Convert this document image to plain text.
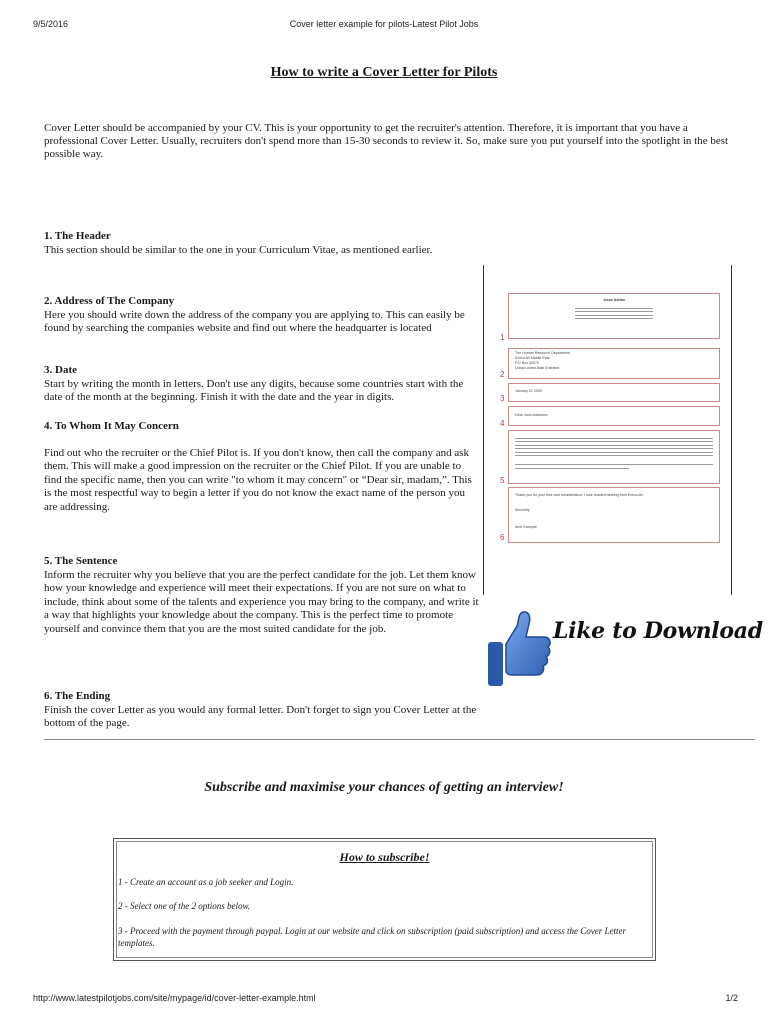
9/5/2016	Cover letter example for pilots-Latest Pilot Jobs
How to write a Cover Letter for Pilots
Cover Letter should be accompanied by your CV. This is your opportunity to get the recruiter's attention. Therefore, it is important that you have a professional Cover Letter. Usually, recruiters don't spend more than 15-30 seconds to review it. So, make sure you put yourself into the spotlight in the best possible way.
1. The Header

This section should be similar to the one in your Curriculum Vitae, as mentioned earlier.

2. Address of The Company

Here you should write down the address of the company you are applying to. This can easily be found by searching the companies website and find out where the headquarter is located

3. Date

Start by writing the month in letters. Don't use any digits, because some countries start with the date of the month at the beginning. Finish it with the date and the year in digits.

4. To Whom It May Concern

Find out who the recruiter or the Chief Pilot is. If you don't know, then call the company and ask them. This will make a good impression on the recruiter or the Chief Pilot. If you are unable to find the specific name, then you can write "to whom it may concern" or “Dear sir, madam,”. This is the most respectful way to begin a letter if you do not know the exact name of the person you are addressing.

5. The Sentence

Inform the recruiter why you believe that you are the perfect candidate for the job. Let them know how your knowledge and experience will meet their expectations. If you are not sure on what to include, think about some of the talents and experience you may bring to the company, and write it a way that highlights your knowledge about the company. This is the perfect time to promote yourself and convince them that you are the most suited candidate for the job.

6. The Ending

Finish the cover Letter as you would any formal letter. Don't forget to sign you Cover Letter at the bottom of the page.

Jesse Adrian
1
The Human Resource Department
ExecuJet Middle East
P.O Box 32070
Dubai United Arab Emirates
2
January 21 2009
3
Dear John Adamson
4
5
Thank you for your time and consideration. I look forward hearing from ExecuJet.
Sincerely
Amir Kamyab
6
Like to Download
Subscribe and maximise your chances of getting an interview!
How to subscribe!
1 - Create an account as a job seeker and Login.
2 - Select one of the 2 options below.
3 - Proceed with the payment through paypal. Login at our website and click on subscription (paid subscription) and access the Cover Letter templates.
http://www.latestpilotjobs.com/site/mypage/id/cover-letter-example.html	1/2
